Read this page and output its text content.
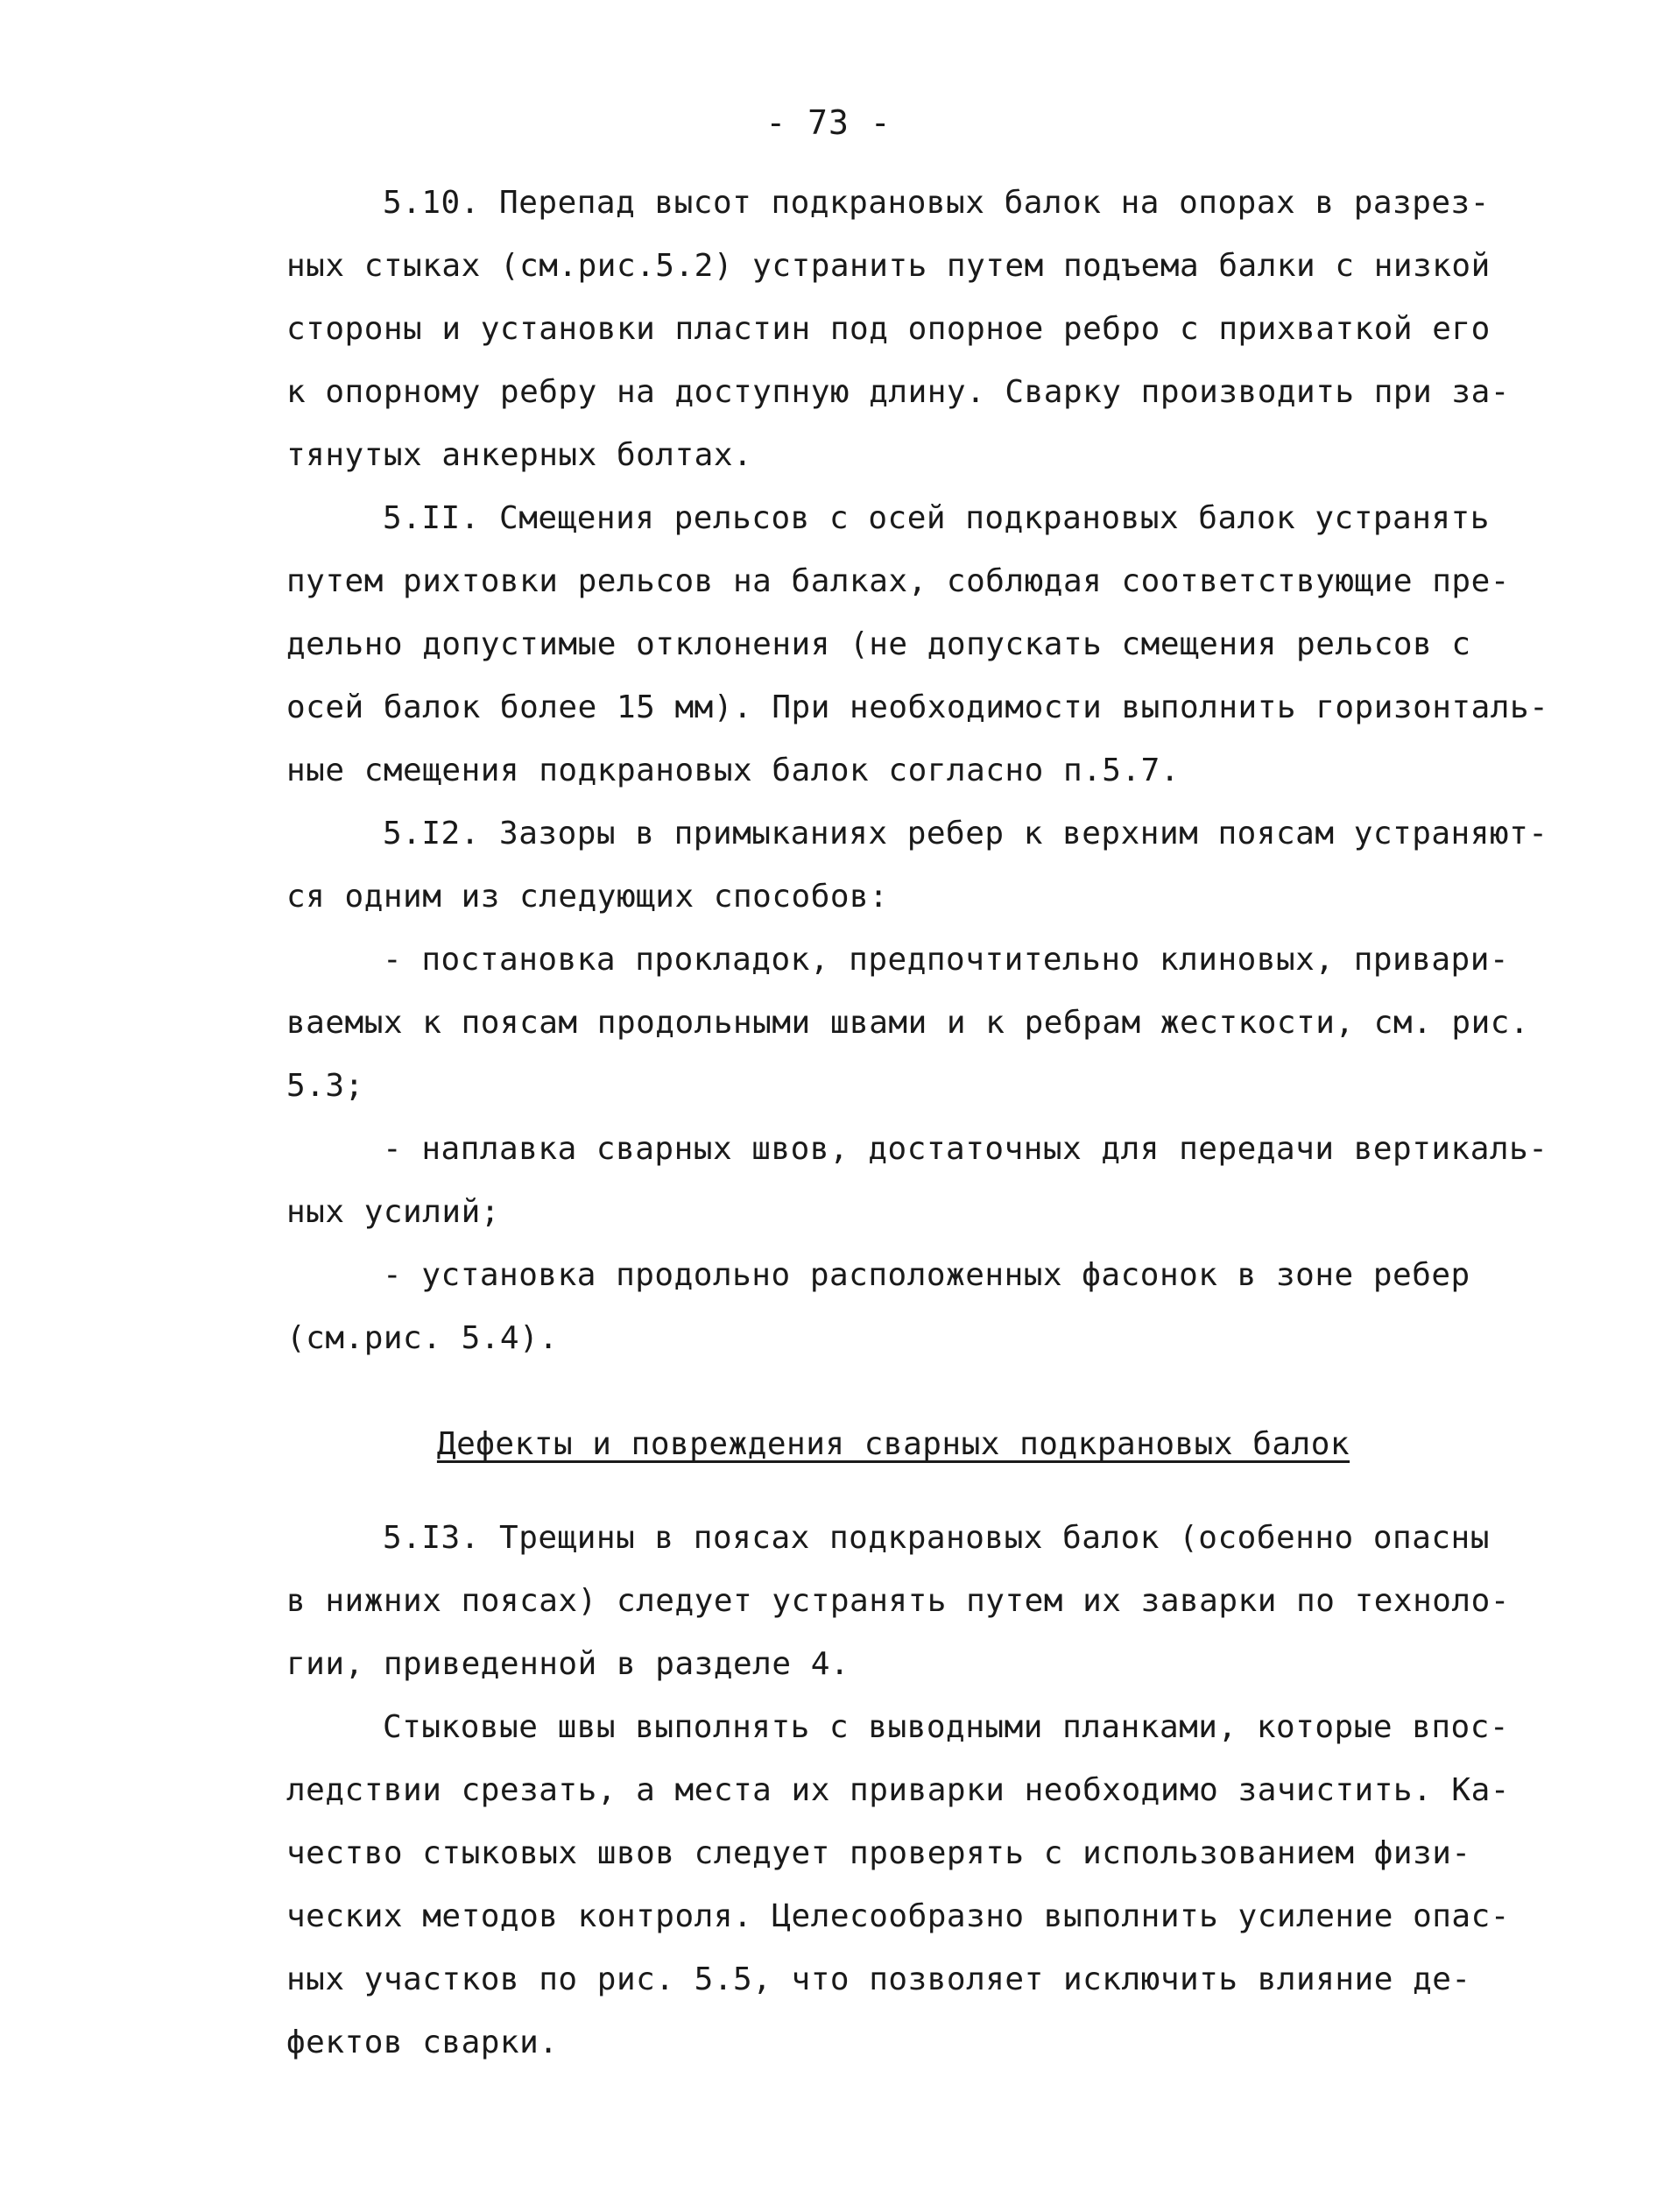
- 73 -
5.10. Перепад высот подкрановых балок на опорах в разрез-
ных стыках (см.рис.5.2) устранить путем подъема балки с низкой
стороны и установки пластин под опорное ребро с прихваткой его
к опорному ребру на доступную длину. Сварку производить при за-
тянутых анкерных болтах.
5.II. Смещения рельсов с осей подкрановых балок устранять
путем рихтовки рельсов на балках, соблюдая соответствующие пре-
дельно допустимые отклонения (не допускать смещения рельсов с
осей балок более 15 мм). При необходимости выполнить горизонталь-
ные смещения подкрановых балок согласно п.5.7.
5.I2. Зазоры в примыканиях ребер к верхним поясам устраняют-
ся одним из следующих способов:
- постановка прокладок, предпочтительно клиновых, привари-
ваемых к поясам продольными швами и к ребрам жесткости, см. рис.
5.3;
- наплавка сварных швов, достаточных для передачи вертикаль-
ных усилий;
- установка продольно расположенных фасонок в зоне ребер
(см.рис. 5.4).
Дефекты и повреждения сварных подкрановых балок
5.I3. Трещины в поясах подкрановых балок (особенно опасны
в нижних поясах) следует устранять путем их заварки по техноло-
гии, приведенной в разделе 4.
Стыковые швы выполнять с выводными планками, которые впос-
ледствии срезать, а места их приварки необходимо зачистить. Ка-
чество стыковых швов следует проверять с использованием физи-
ческих методов контроля. Целесообразно выполнить усиление опас-
ных участков по рис. 5.5, что позволяет исключить влияние де-
фектов сварки.
